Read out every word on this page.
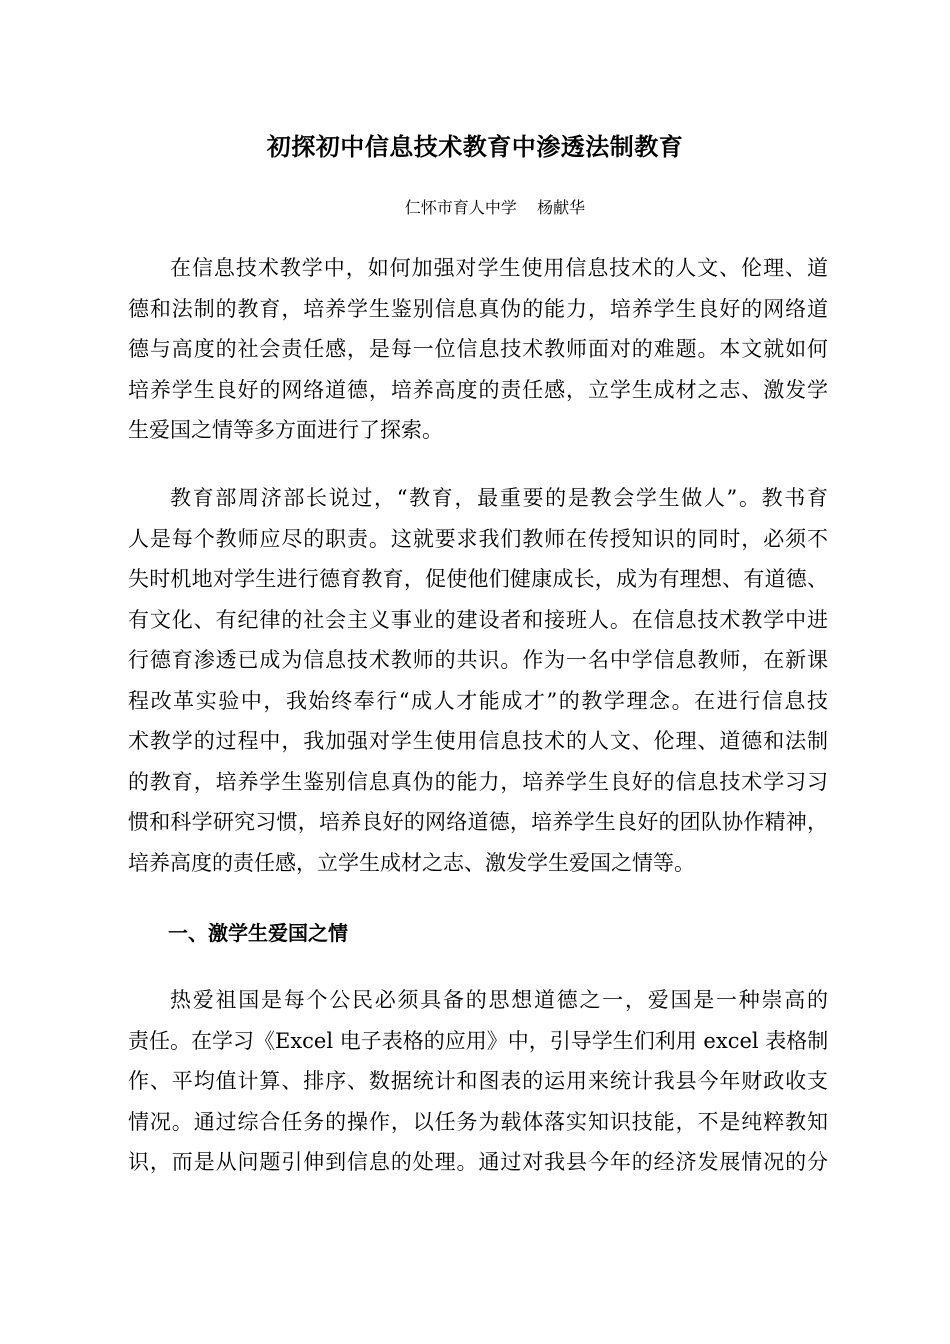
初探初中信息技术教育中渗透法制教育
仁怀市育人中学    杨献华
在信息技术教学中，如何加强对学生使用信息技术的人文、伦理、道
德和法制的教育，培养学生鉴别信息真伪的能力，培养学生良好的网络道
德与高度的社会责任感，是每一位信息技术教师面对的难题。本文就如何
培养学生良好的网络道德，培养高度的责任感，立学生成材之志、激发学
生爱国之情等多方面进行了探索。
教育部周济部长说过，“教育，最重要的是教会学生做人”。教书育
人是每个教师应尽的职责。这就要求我们教师在传授知识的同时，必须不
失时机地对学生进行德育教育，促使他们健康成长，成为有理想、有道德、
有文化、有纪律的社会主义事业的建设者和接班人。在信息技术教学中进
行德育渗透已成为信息技术教师的共识。作为一名中学信息教师，在新课
程改革实验中，我始终奉行“成人才能成才”的教学理念。在进行信息技
术教学的过程中，我加强对学生使用信息技术的人文、伦理、道德和法制
的教育，培养学生鉴别信息真伪的能力，培养学生良好的信息技术学习习
惯和科学研究习惯，培养良好的网络道德，培养学生良好的团队协作精神，
培养高度的责任感，立学生成材之志、激发学生爱国之情等。
一、激学生爱国之情
热爱祖国是每个公民必须具备的思想道德之一，爱国是一种崇高的
责任。在学习《Excel 电子表格的应用》中，引导学生们利用 excel 表格制
作、平均值计算、排序、数据统计和图表的运用来统计我县今年财政收支
情况。通过综合任务的操作，以任务为载体落实知识技能，不是纯粹教知
识，而是从问题引伸到信息的处理。通过对我县今年的经济发展情况的分
